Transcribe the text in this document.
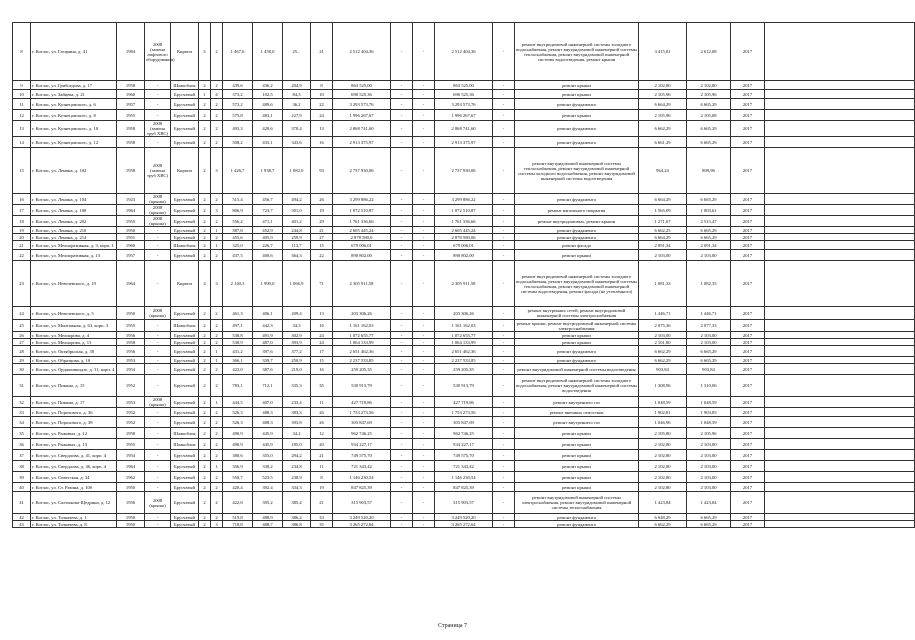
8	г. Котлас, ул. Гагарина, д. 41	1984	2008 (замена лифтового оборудования)	Кирпич	5	2	1 467,6	1 458,0	25...	21	2 512 404,36	-	-	2 512 404,36	-	ремонт внутридомовой инженерной системы холодного водоснабжения, ремонт внутридомовой инженерной системы теплоснабжения, ремонт внутридомовой инженерной системы водоотведения, ремонт крыши	3 415,81	2 612,08	2017	
9	г. Котлас, ул. Грибоедова, д. 17	1958	-	Шлакоблок	2	2	439,6	436,2	204,9	8	863 525,00	-	-	863 525,00	-	ремонт крыши	2 102,80	2 102,80	2017	
10	г. Котлас, ул. Зайцева, д. 21	1960	-	Брусчатый	1	4	373,2	102,5	84,3	10	690 525,36	-	-	690 525,36	-	ремонт крыши	2 105,96	2 105,96	2017	
11	г. Котлас, ул. Кузнецовского, д. 6	1957	-	Брусчатый	2	2	573,2	489,6	36,2	22	3 293 573,76	-	-	3 293 573,76	-	ремонт фундамента	6 664,29	6 665,29	2017	
12	г. Котлас, ул. Кузнецовского, д. 8	1955	-	Брусчатый	2	2	575,8	483,1	227,9	24	1 996 267,67	-	-	1 996 267,67	-	ремонт крыши	2 105,96	2 105,08	2017	
13	г. Котлас, ул. Кузнецовского, д. 10	1958	2008 (замена труб ХВС)	Брусчатый	2	2	493,3	428,6	378,4	13	2 868 741,60	-	-	2 868 741,60	-	ремонт фундамента	6 662,29	6 665,29	2017	
14	г. Котлас, ул. Кузнецовского, д. 12	1958	-	Брусчатый	2	2	508,2	433,1	343,6	16	2 913 375,97	-	-	2 913 375,97	-	ремонт фундамента	6 661,29	6 665,29	2017	
15	г. Котлас, ул. Ленина, д. 102	1958	2008 (замена труб ХВС)	Кирпич	2	3	1 426,7	1 938,7	1 082,0	93	2 737 930,06	-	-	2 737 930,06	-	ремонт внутридомовой инженерной системы теплоснабжения, ремонт внутридомовой инженерной системы холодного водоснабжения, ремонт внутридомовой инженерной системы водоотведения	964,24	809,96	2017	
16	г. Котлас, ул. Ленина, д. 104	1923	2008 (крыша)	Брусчатый	2	2	515,4	456,7	494,2	26	3 299 886,22	-	-	3 299 886,22	-	ремонт фундамента	6 664,29	6 665,29	2017	
17	г. Котлас, ул. Ленина, д. 108	1964	2008 (крыша)	Брусчатый	2	3	806,9	723,7	501,0	19	1 072 510,87	-	-	1 072 510,87	-	ремонт напольного покрытия	1 565,09	1 003,61	2017	
18	г. Котлас, ул. Ленина, д. 202	1955	2008 (крыша)	Брусчатый	2	2	556,2	471,1	401,2	29	1 761 336,66	-	-	1 761 336,66	-	ремонт внутридомовых, ремонт крыши	1 271,67	2 513,47	2017	
19	г. Котлас, ул. Ленина, д. 210	1950	-	Брусчатый	2	1	387,8	452,9	244,8	21	2 605 445,24	-	-	2 605 445,24	-	ремонт фундамента	6 662,25	6 665,29	2017	
20	г. Котлас, ул. Ленина, д. 214	1951	-	Брусчатый	2	2	455,6	405,9	259,9	27	2 878 580,0	-	-	2 878 580,06	-	ремонт фундамента	6 664,29	6 665,29	2017	
21	г. Котлас, ул. Мелиоративная, д. 3, корп. 1	1960	-	Шлакоблок	2	1	325,0	226,7	113,7	15	679 006,01	-	-	679 006,01	-	ремонт фасада	2 091,34	2 091,34	2017	
22	г. Котлас, ул. Мелиоративная, д. 13	1957	-	Брусчатый	2	2	437,5	400,6	364,3	22	890 802,00	-	-	890 802,00	-	ремонт крыши	2 103,00	2 103,00	2017	
23	г. Котлас, ул. Невелевского, д. 19	1964	-	Кирпич	4	3	2 140,3	1 990,0	1 066,9	71	2 305 911,58	-	-	2 305 911,58	-	ремонт внутридомовой инженерной системы холодного водоснабжения, ремонт внутридомовой инженерной системы теплоснабжения, ремонт внутридомовой инженерной системы водоотведения, ремонт фасада (не утеплённого)	1 081,33	1 082,35	2017	
24	г. Котлас, ул. Невелевского, д. 5	1950	2008 (крыша)	Брусчатый	2	2	461,3	406,1	209,4	13	203 306,26	-	-	203 306,26	-	ремонт внутренних сетей, ремонт внутридомовой инженерной системы электроснабжения	1 446,71	1 446,71	2017	
25	г. Котлас, ул. Монтажная, д. 63, корп. 3	1955	-	Шлакоблок	2	2	497,1	442,3	34,3	16	1 161 162,03	-	-	1 161 162,03	-	ремонт крыши, ремонт внутридомовой инженерной системы электроснабжения	2 075,36	2 077,33	2017	
26	г. Котлас, ул. Мелиорова, д. 4	1956	-	Брусчатый	2	2	538,8	491,9	302,9	24	1 072 655,77	-	-	1 072 655,77	-	ремонт крыши	2 103,00	2 103,00	2017	
27	г. Котлас, ул. Мелиорова, д. 13	1958	-	Брусчатый	2	2	538,9	487,0	393,9	24	1 064 133,99	-	-	1 064 133,99	-	ремонт крыши	2 101,80	2 103,00	2017	
28	г. Котлас, ул. Октябрьская, д. 30	1956	-	Брусчатый	2	1	431,2	397,6	377,2	17	2 651 462,36	-	-	2 651 462,36	-	ремонт фундамента	6 662,29	6 665,29	2017	
29	г. Котлас, ул. Образцова, д. 10	1953	-	Брусчатый	2	1	366,1	339,7	250,9	15	2 237 533,85	-	-	2 237 533,85	-	ремонт фундамента	6 662,29	6 665,29	2017	
30	г. Котлас, ул. Орджоникидзе, д. 11, корп. 4	1954	-	Брусчатый	2	2	423,0	387,6	219,0	16	259 205,35	-	-	259 205,35	-	ремонт внутридомовой инженерной системы водоотведения	903,84	903,84	2017	
31	г. Котлас, ул. Пикина, д. 15	1952	-	Брусчатый	2	2	783,1	712,1	335,3	35	530 913,79	-	-	530 913,79	-	ремонт внутридомовой инженерной системы холодного водоснабжения, ремонт внутридомовой инженерной системы водоотведения	1 308,96	1 310,06	2017	
32	г. Котлас, ул. Пикина, д. 17	1953	2008 (крыша)	Брусчатый	2	1	444,5	407,0	233,4	11	427 719,86	-	-	427 719,86	-	ремонт внутреннего газ	1 048,59	1 048,59	2017	
33	г. Котлас, ул. Порохового, д. 36	1952	-	Брусчатый	2	2	526,3	488,3	383,3	26	1 753 273,56	-	-	1 753 273,56	-	ремонт внешних отмостков	1 902,81	1 903,05	2017	
34	г. Котлас, ул. Порохового, д. 38	1952	-	Брусчатый	2	2	526,3	488,3	393,8	26	303 847,69	-	-	303 847,69	-	ремонт внутреннего газ	1 046,96	1 048,59	2017	
35	г. Котлас, ул. Рыковых, д. 12	1958	-	Шлакоблок	2	2	490,9	445,9	34,2	12	962 746,25	-	-	962 746,25	-	ремонт крыши	2 105,80	2 105,96	2017	
36	г. Котлас, ул. Рыковых, д. 13	1955	-	Шлакоблок	2	2	490,9	445,9	185,0	20	934 227,17	-	-	934 227,17	-	ремонт крыши	2 102,80	2 103,00	2017	
37	г. Котлас, ул. Свердлова, д. 41, корп. 4	1954	-	Брусчатый	2	2	380,6	355,0	294,2	21	749 575,70	-	-	749 575,70	-	ремонт крыши	2 102,80	2 103,00	2017	
38	г. Котлас, ул. Свердлова, д. 46, корп. 4	1964	-	Брусчатый	2	1	356,9	338,2	234,8	11	721 343,42	-	-	721 343,42	-	ремонт крыши	2 102,80	2 103,00	2017	
39	г. Котлас, ул. Советская, д. 34	1962	-	Брусчатый	2	2	550,7	523,5	238,9	8	1 146 230,54	-	-	1 146 230,54	-	ремонт крыши	2 102,80	2 103,00	2017	
40	г. Котлас, ул. Ст. Разина, д. 10б	1950	-	Брусчатый	2	2	420,4	392,4	334,3	19	847 825,39	-	-	847 825,39	-	ремонт крыши	2 102,80	2 103,00	2017	
41	г. Котлас, ул. Салтыкова-Щедрина, д. 12	1956	2008 (крыша)	Брусчатый	2	2	422,8	395,2	385,4	21	315 903,57	-	-	315 903,57	-	ремонт внутридомовой инженерной системы электроснабжения, ремонт внутридомовой инженерной системы теплоснабжения	1 423,84	1 423,84	2017	
42	г. Котлас, ул. Толкачева, д. 1	1950	-	Брусчатый	2	2	519,8	488,9	386,2	33	3 249 520,20	-	-	3 249 520,20	-	ремонт фундамента	6 648,29	6 665,29	2017	
43	г. Котлас, ул. Толкачева, д. 8	1950	-	Брусчатый	2	3	718,8	488,7	386,8	35	3 265 272,64	-	-	3 265 272,64	-	ремонт фундамента	6 662,29	6 665,29	2017	
Страница 7
